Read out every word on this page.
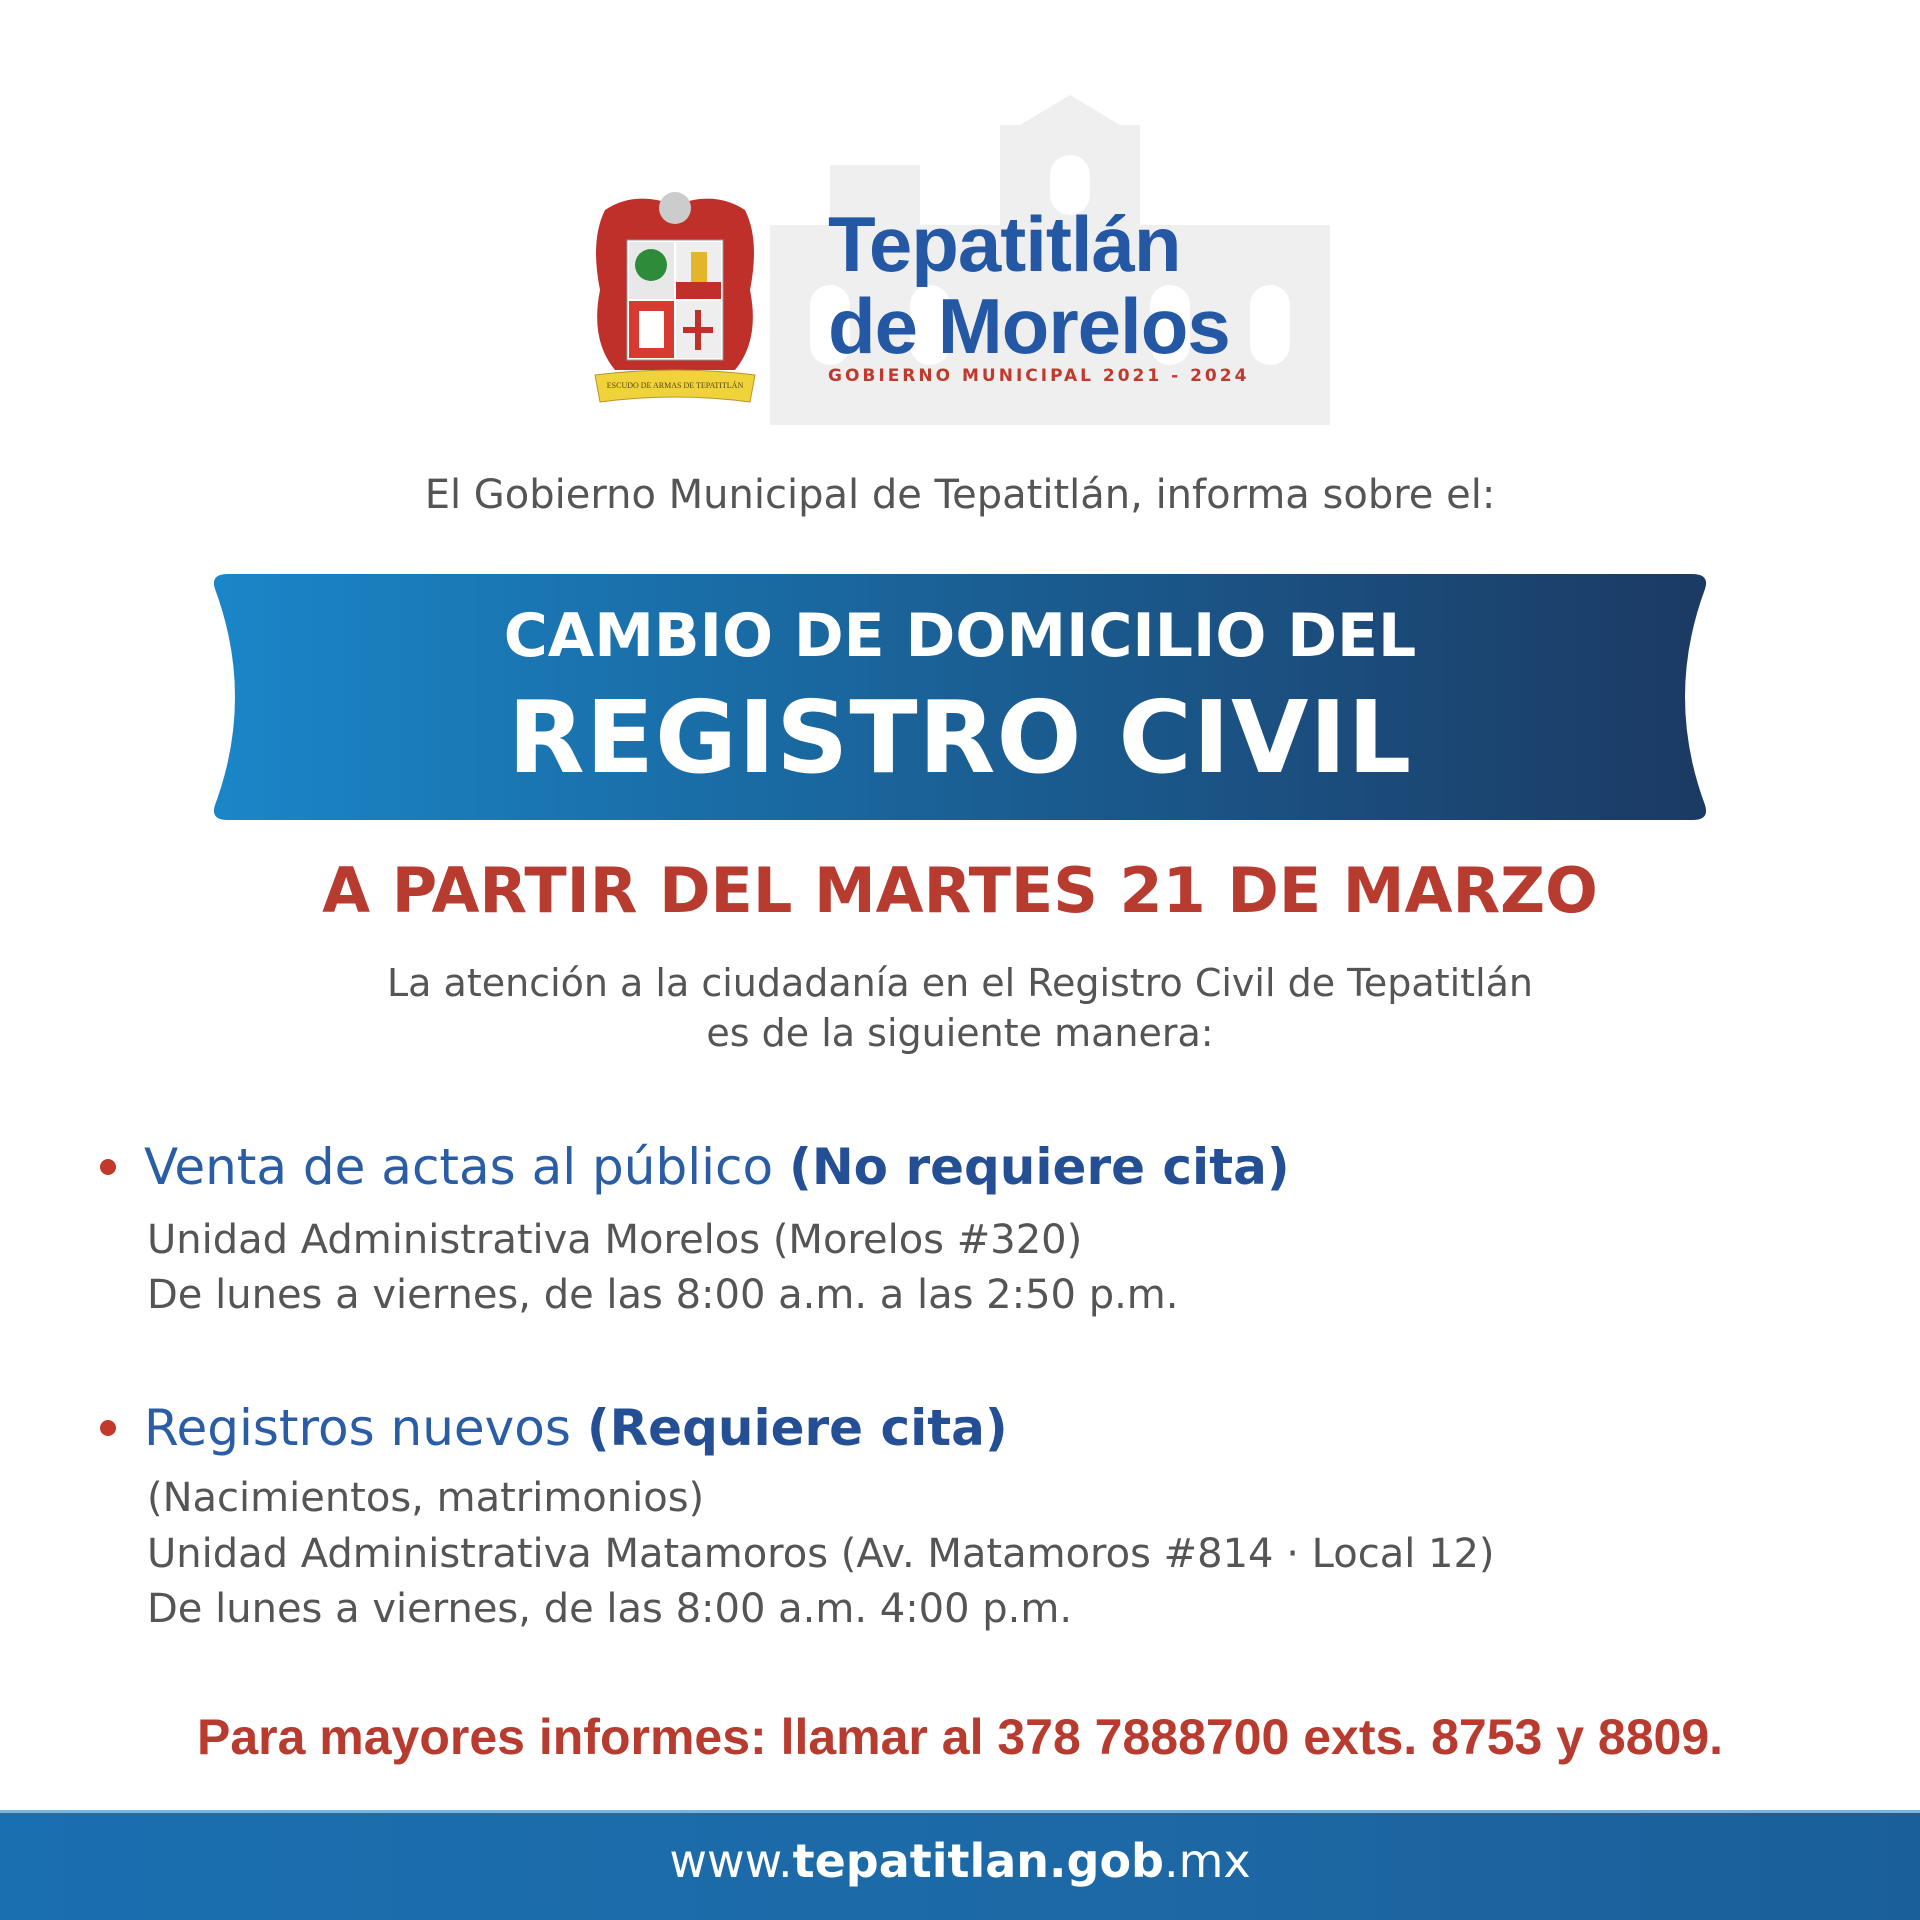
ESCUDO DE ARMAS DE TEPATITLÁN
Tepatitlán
de Morelos
GOBIERNO MUNICIPAL 2021 - 2024
El Gobierno Municipal de Tepatitlán, informa sobre el:
CAMBIO DE DOMICILIO DEL
REGISTRO CIVIL
A PARTIR DEL MARTES 21 DE MARZO
La atención a la ciudadanía en el Registro Civil de Tepatitlán
es de la siguiente manera:
Venta de actas al público (No requiere cita)
Unidad Administrativa Morelos (Morelos #320)
De lunes a viernes, de las 8:00 a.m. a las 2:50 p.m.
Registros nuevos (Requiere cita)
(Nacimientos, matrimonios)
Unidad Administrativa Matamoros (Av. Matamoros #814 · Local 12)
De lunes a viernes, de las 8:00 a.m. 4:00 p.m.
Para mayores informes: llamar al 378 7888700 exts. 8753 y 8809.
www.tepatitlan.gob.mx
